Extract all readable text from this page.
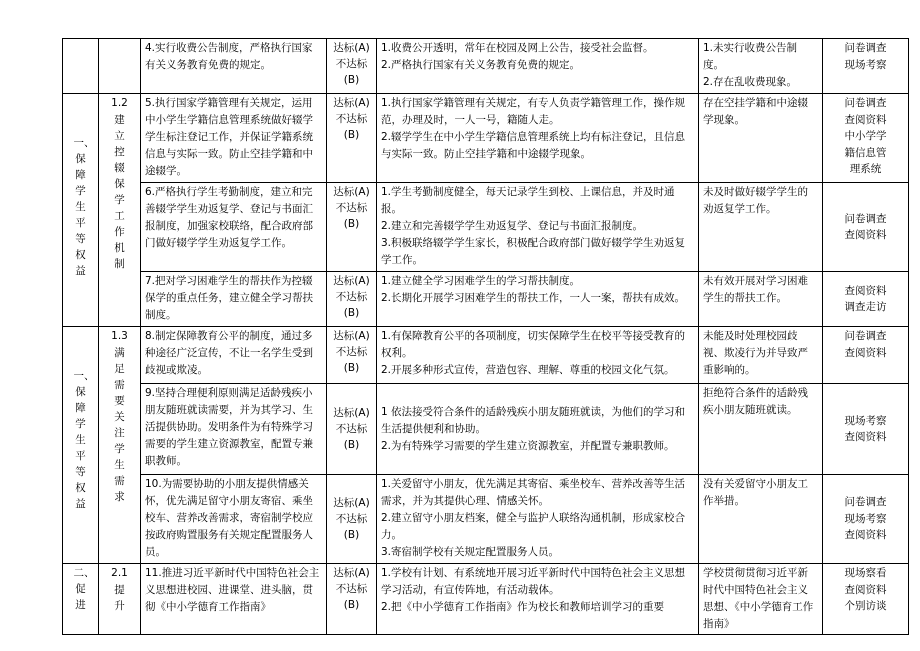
		4.实行收费公告制度，严格执行国家有关义务教育免费的规定。	达标(A)
不达标
(B)	1.收费公开透明，常年在校园及网上公告，接受社会监督。
2.严格执行国家有关义务教育免费的规定。	1.未实行收费公告制度。
2.存在乱收费现象。	问卷调查
现场考察

一、保障学生平等权益	1.2
建立控辍保学工作机制	5.执行国家学籍管理有关规定，运用中小学生学籍信息管理系统做好辍学学生标注登记工作，并保证学籍系统信息与实际一致。防止空挂学籍和中途辍学。	达标(A)
不达标
(B)	1.执行国家学籍管理有关规定，有专人负责学籍管理工作，操作规范，办理及时，一人一号，籍随人走。
2.辍学学生在中小学生学籍信息管理系统上均有标注登记，且信息与实际一致。防止空挂学籍和中途辍学现象。	存在空挂学籍和中途辍学现象。	问卷调查
查阅资料
中小学学
籍信息管
理系统

		6.严格执行学生考勤制度，建立和完善辍学学生劝返复学、登记与书面汇报制度，加强家校联络，配合政府部门做好辍学学生劝返复学工作。	达标(A)
不达标
(B)	1.学生考勤制度健全，每天记录学生到校、上课信息，并及时通报。
2.建立和完善辍学学生劝返复学、登记与书面汇报制度。
3.积极联络辍学学生家长，积极配合政府部门做好辍学学生劝返复学工作。	未及时做好辍学学生的劝返复学工作。	问卷调查
查阅资料

		7.把对学习困难学生的帮扶作为控辍保学的重点任务，建立健全学习帮扶制度。	达标(A)
不达标
(B)	1.建立健全学习困难学生的学习帮扶制度。
2.长期化开展学习困难学生的帮扶工作，一人一案，帮扶有成效。	未有效开展对学习困难学生的帮扶工作。	查阅资料
调查走访

一、保障学生平等权益	1.3
满足需要关注学生需求	8.制定保障教育公平的制度，通过多种途径广泛宣传，不让一名学生受到歧视或欺凌。	达标(A)
不达标
(B)	1.有保障教育公平的各项制度，切实保障学生在校平等接受教育的权利。
2.开展多种形式宣传，营造包容、理解、尊重的校园文化气氛。	未能及时处理校园歧视、欺凌行为并导致严重影响的。	问卷调查
查阅资料

		9.坚持合理便利原则满足适龄残疾小朋友随班就读需要，并为其学习、生活提供协助。发明条件为有特殊学习需要的学生建立资源教室，配置专兼职教师。	达标(A)
不达标
(B)	1 依法接受符合条件的适龄残疾小朋友随班就读，为他们的学习和生活提供便利和协助。
2.为有特殊学习需要的学生建立资源教室，并配置专兼职教师。	拒绝符合条件的适龄残疾小朋友随班就读。	现场考察
查阅资料

		10.为需要协助的小朋友提供情感关怀，优先满足留守小朋友寄宿、乘坐校车、营养改善需求，寄宿制学校应按政府购置服务有关规定配置服务人员。	达标(A)
不达标
(B)	1.关爱留守小朋友，优先满足其寄宿、乘坐校车、营养改善等生活需求，并为其提供心理、情感关怀。
2.建立留守小朋友档案，健全与监护人联络沟通机制，形成家校合力。
3.寄宿制学校有关规定配置服务人员。	没有关爱留守小朋友工作举措。	问卷调查
现场考察
查阅资料

二、促进	2.1
提升	11.推进习近平新时代中国特色社会主义思想进校园、进课堂、进头脑，贯彻《中小学德育工作指南》	达标(A)
不达标
(B)	1.学校有计划、有系统地开展习近平新时代中国特色社会主义思想学习活动，有宣传阵地，有活动载体。
2.把《中小学德育工作指南》作为校长和教师培训学习的重要	学校贯彻贯彻习近平新时代中国特色社会主义思想、《中小学德育工作指南》	现场察看
查阅资料
个别访谈
